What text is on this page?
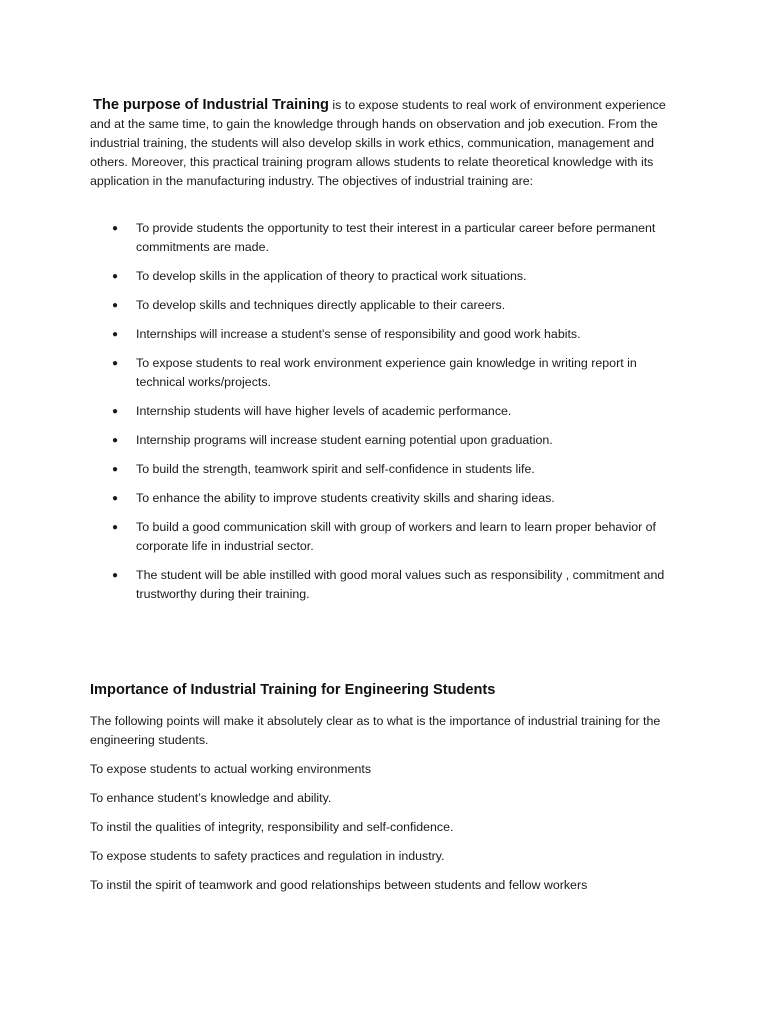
The purpose of Industrial Training is to expose students to real work of environment experience and at the same time, to gain the knowledge through hands on observation and job execution. From the industrial training, the students will also develop skills in work ethics, communication, management and others. Moreover, this practical training program allows students to relate theoretical knowledge with its application in the manufacturing industry. The objectives of industrial training are:

● To provide students the opportunity to test their interest in a particular career before permanent commitments are made.
● To develop skills in the application of theory to practical work situations.
● To develop skills and techniques directly applicable to their careers.
● Internships will increase a student's sense of responsibility and good work habits.
● To expose students to real work environment experience gain knowledge in writing report in technical works/projects.
● Internship students will have higher levels of academic performance.
● Internship programs will increase student earning potential upon graduation.
● To build the strength, teamwork spirit and self-confidence in students life.
● To enhance the ability to improve students creativity skills and sharing ideas.
● To build a good communication skill with group of workers and learn to learn proper behavior of corporate life in industrial sector.
● The student will be able instilled with good moral values such as responsibility , commitment and trustworthy during their training.
Importance of Industrial Training for Engineering Students

The following points will make it absolutely clear as to what is the importance of industrial training for the engineering students.

To expose students to actual working environments

To enhance student’s knowledge and ability.

To instil the qualities of integrity, responsibility and self-confidence.

To expose students to safety practices and regulation in industry.

To instil the spirit of teamwork and good relationships between students and fellow workers
